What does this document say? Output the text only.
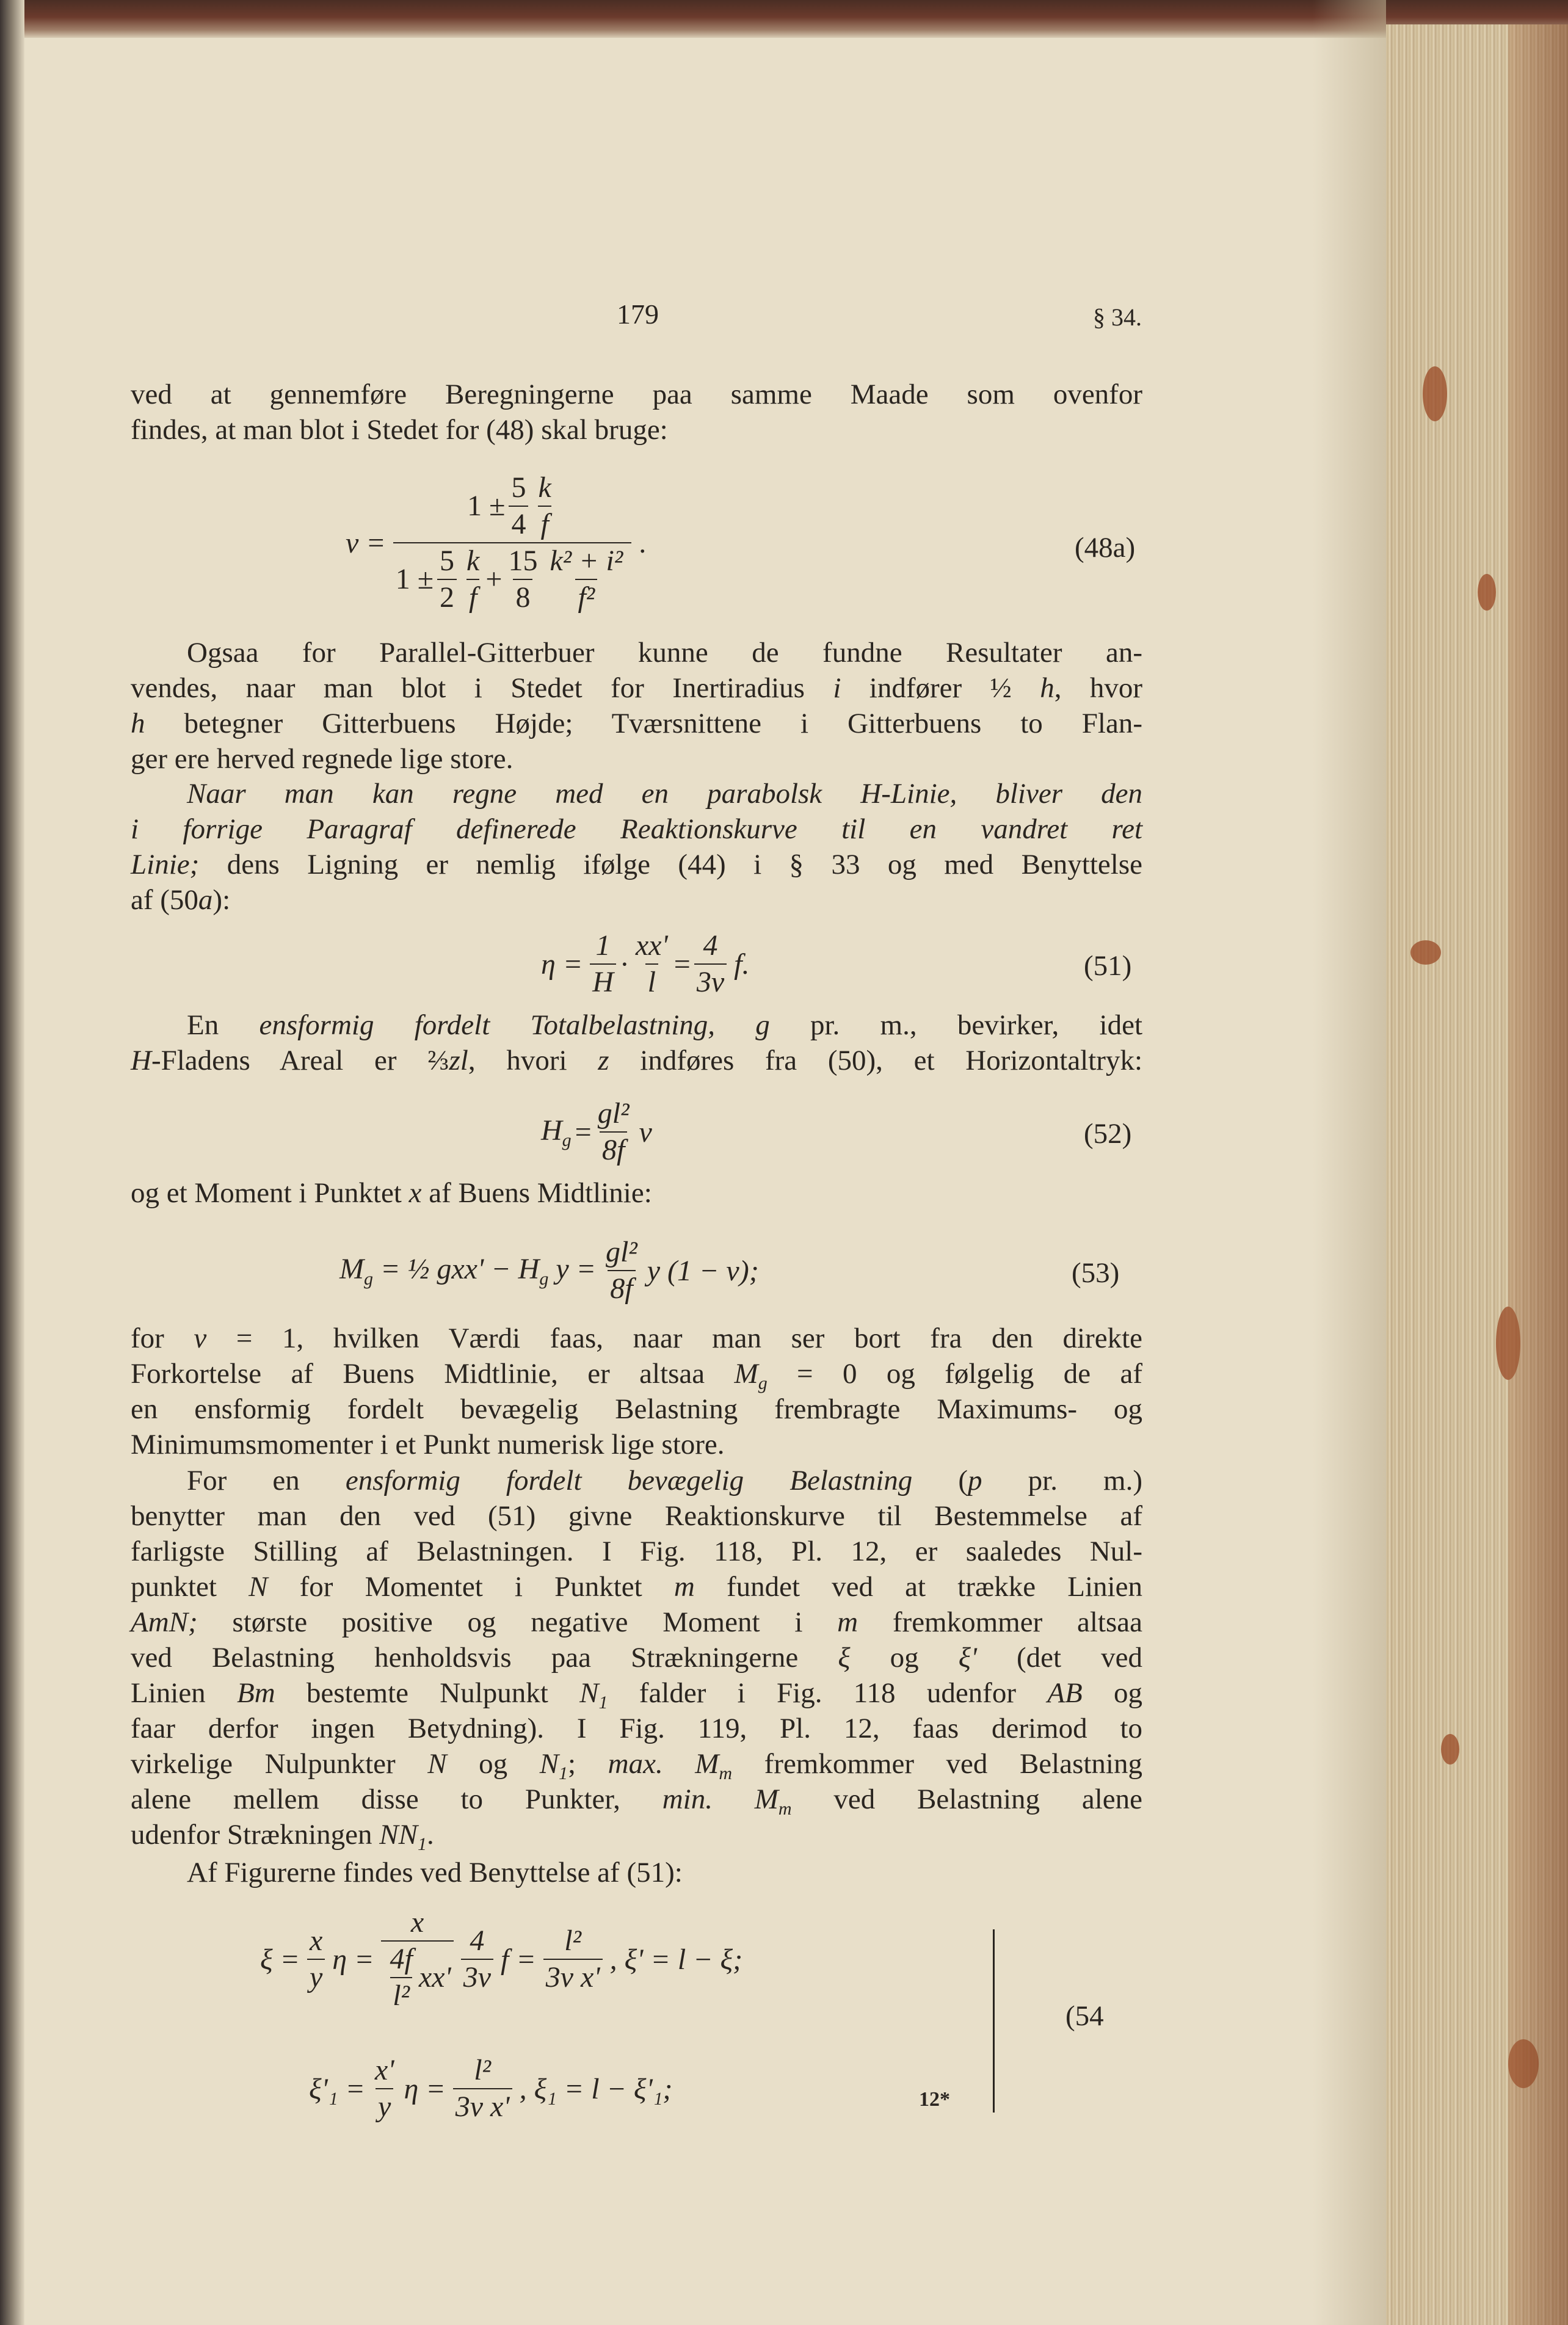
179	§ 34.
ved at gennemføre Beregningerne paa samme Maade som ovenfor
findes, at man blot i Stedet for (48) skal bruge:
Ogsaa for Parallel-Gitterbuer kunne de fundne Resultater an-
vendes, naar man blot i Stedet for Inertiradius i indfører ½ h, hvor
h betegner Gitterbuens Højde; Tværsnittene i Gitterbuens to Flan-
ger ere herved regnede lige store.
Naar man kan regne med en parabolsk H-Linie, bliver den
i forrige Paragraf definerede Reaktionskurve til en vandret ret
Linie; dens Ligning er nemlig ifølge (44) i § 33 og med Benyttelse
af (50a):
En ensformig fordelt Totalbelastning, g pr. m., bevirker, idet
H-Fladens Areal er ⅔zl, hvori z indføres fra (50), et Horizontaltryk:
og et Moment i Punktet x af Buens Midtlinie:
for ν = 1, hvilken Værdi faas, naar man ser bort fra den direkte
Forkortelse af Buens Midtlinie, er altsaa $M_g = 0$ og følgelig de af
en ensformig fordelt bevægelig Belastning frembragte Maximums- og
Minimumsmomenter i et Punkt numerisk lige store.
For en ensformig fordelt bevægelig Belastning (p pr. m.)
benytter man den ved (51) givne Reaktionskurve til Bestemmelse af
farligste Stilling af Belastningen. I Fig. 118, Pl. 12, er saaledes Nul-
punktet N for Momentet i Punktet m fundet ved at trække Linien
AmN; største positive og negative Moment i m fremkommer altsaa
ved Belastning henholdsvis paa Strækningerne ξ og ξ' (det ved
Linien Bm bestemte Nulpunkt $N_1$ falder i Fig. 118 udenfor AB og
faar derfor ingen Betydning). I Fig. 119, Pl. 12, faas derimod to
virkelige Nulpunkter N og $N_1$; max. $M_m$ fremkommer ved Belastning
alene mellem disse to Punkter, min. $M_m$ ved Belastning alene
udenfor Strækningen $NN_1$.
Af Figurerne findes ved Benyttelse af (51):
$\nu = 1 \pm \frac{5}{4}$ k
f
$1 \pm \frac{5}{2}$ k
f
+ $\frac{15}{8} k^2 + i^2$
f² .	(48a)
$\eta = \frac{1}{H} \cdot \frac{xx'}{l} = \frac{4}{3\nu} f$.	(51)
$H_g = \frac{\text{gl²}}{8f}$ ν	(52)
$M_g$ = ½ $gxx' - H_g$ $y = \frac{\text{gl²}}{8f}$ y (1 − ν);	(53)
$\xi = \frac{x}{y}$ η = x
4f
l²
xx' 4
3ν
$f = \frac{\text{l²}}{\text{3ν x'}}$ , ξ' = l − ξ;
$\xi'_1 = \frac{x'}{y}$ $\eta = \frac{\text{l²}}{\text{3ν x'}}$ , ξ₁ = l − ξ'₁;
(54
12*
